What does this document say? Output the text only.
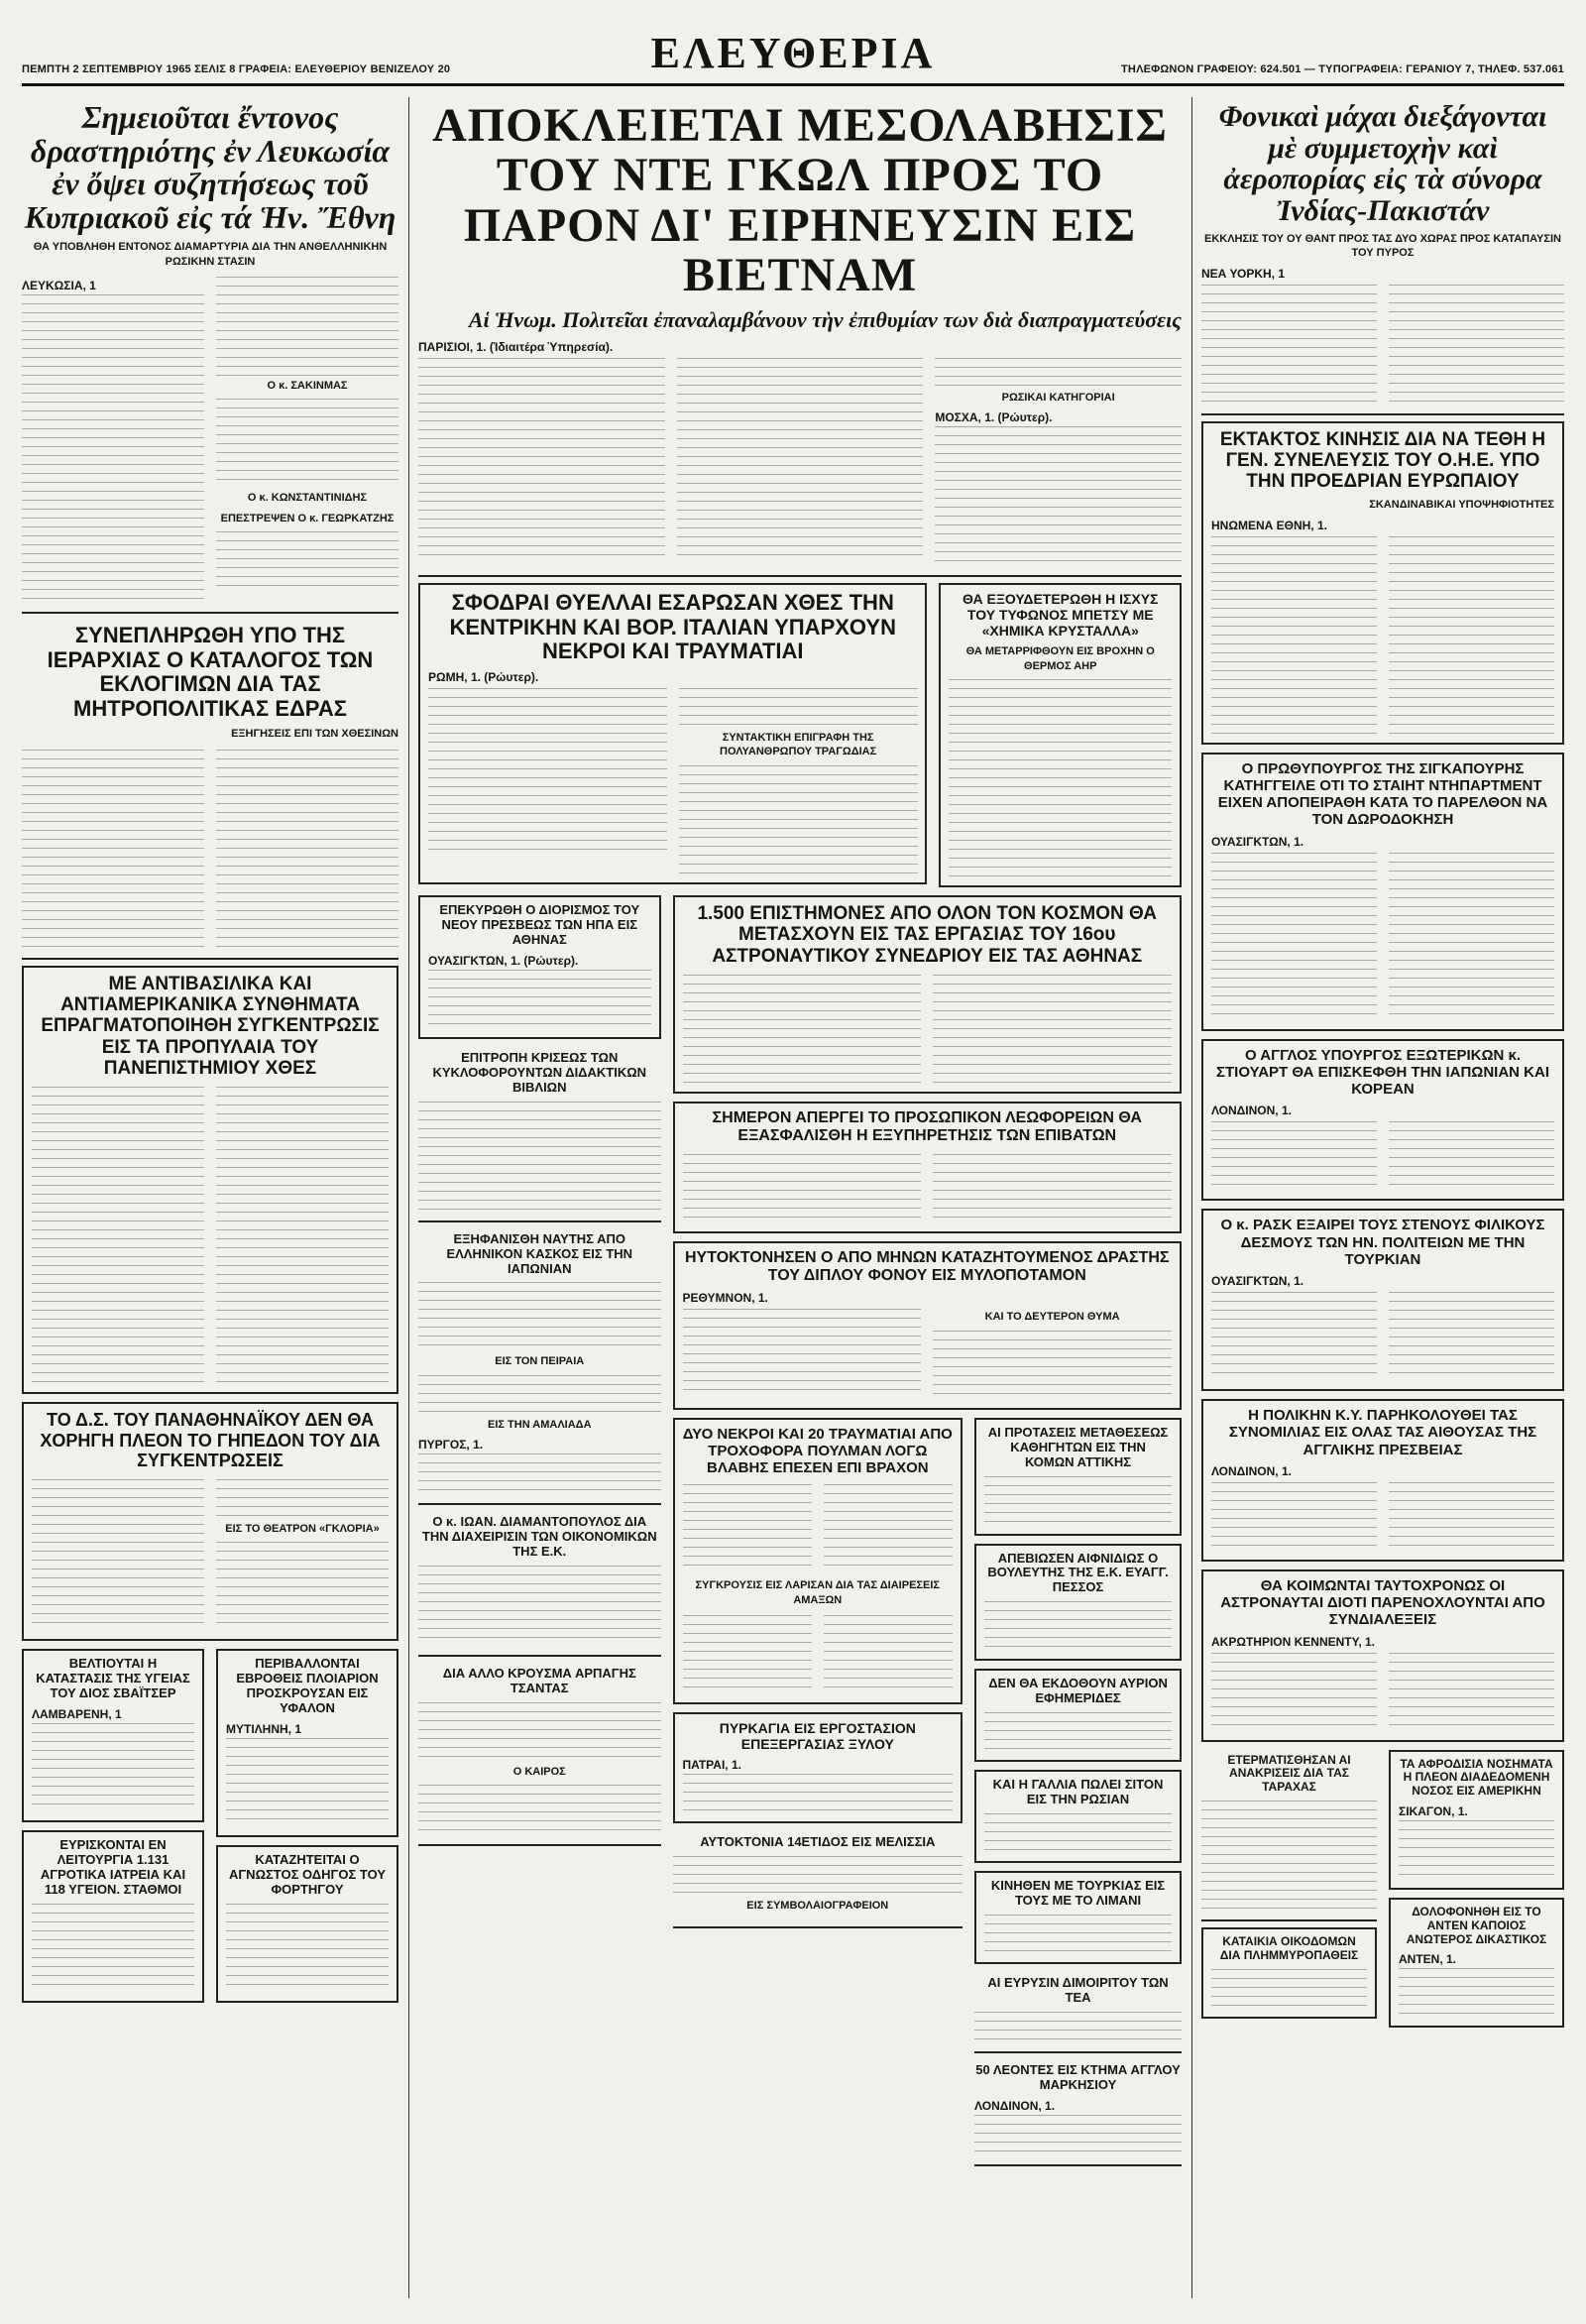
ΠΕΜΠΤΗ 2 ΣΕΠΤΕΜΒΡΙΟΥ 1965 ΣΕΛΙΣ 8 ΓΡΑΦΕΙΑ: ΕΛΕΥΘΕΡΙΟΥ ΒΕΝΙΖΕΛΟΥ 20	ΕΛΕΥΘΕΡΙΑ	ΤΗΛΕΦΩΝΟΝ ΓΡΑΦΕΙΟΥ: 624.501 — ΤΥΠΟΓΡΑΦΕΙΑ: ΓΕΡΑΝΙΟΥ 7, ΤΗΛΕΦ. 537.061
Σημειοῦται ἔντονος δραστηριότης ἐν Λευκωσία ἐν ὄψει συζητήσεως τοῦ Κυπριακοῦ εἰς τά Ἡν. Ἔθνη
ΘΑ ΥΠΟΒΛΗΘΗ ΕΝΤΟΝΟΣ ΔΙΑΜΑΡΤΥΡΙΑ ΔΙΑ ΤΗΝ ΑΝΘΕΛΛΗΝΙΚΗΝ ΡΩΣΙΚΗΝ ΣΤΑΣΙΝ
ΛΕΥΚΩΣΙΑ, 1
Ο κ. ΣΑΚΙΝΜΑΣ
Ο κ. ΚΩΝΣΤΑΝΤΙΝΙΔΗΣ
ΕΠΕΣΤΡΕΨΕΝ Ο κ. ΓΕΩΡΚΑΤΖΗΣ
ΣΥΝΕΠΛΗΡΩΘΗ ΥΠΟ ΤΗΣ ΙΕΡΑΡΧΙΑΣ Ο ΚΑΤΑΛΟΓΟΣ ΤΩΝ ΕΚΛΟΓΙΜΩΝ ΔΙΑ ΤΑΣ ΜΗΤΡΟΠΟΛΙΤΙΚΑΣ ΕΔΡΑΣ
ΕΞΗΓΗΣΕΙΣ ΕΠΙ ΤΩΝ ΧΘΕΣΙΝΩΝ
ΜΕ ΑΝΤΙΒΑΣΙΛΙΚΑ ΚΑΙ ΑΝΤΙΑΜΕΡΙΚΑΝΙΚΑ ΣΥΝΘΗΜΑΤΑ ΕΠΡΑΓΜΑΤΟΠΟΙΗΘΗ ΣΥΓΚΕΝΤΡΩΣΙΣ ΕΙΣ ΤΑ ΠΡΟΠΥΛΑΙΑ ΤΟΥ ΠΑΝΕΠΙΣΤΗΜΙΟΥ ΧΘΕΣ
ΤΟ Δ.Σ. ΤΟΥ ΠΑΝΑΘΗΝΑΪΚΟΥ ΔΕΝ ΘΑ ΧΟΡΗΓΗ ΠΛΕΟΝ ΤΟ ΓΗΠΕΔΟΝ ΤΟΥ ΔΙΑ ΣΥΓΚΕΝΤΡΩΣΕΙΣ
ΕΙΣ ΤΟ ΘΕΑΤΡΟΝ «ΓΚΛΟΡΙΑ»
ΒΕΛΤΙΟΥΤΑΙ Η ΚΑΤΑΣΤΑΣΙΣ ΤΗΣ ΥΓΕΙΑΣ ΤΟΥ ΔΙΟΣ ΣΒΑΪΤΣΕΡ
ΛΑΜΒΑΡΕΝΗ, 1
ΕΥΡΙΣΚΟΝΤΑΙ ΕΝ ΛΕΙΤΟΥΡΓΙΑ 1.131 ΑΓΡΟΤΙΚΑ ΙΑΤΡΕΙΑ ΚΑΙ 118 ΥΓΕΙΟΝ. ΣΤΑΘΜΟΙ
ΠΕΡΙΒΑΛΛΟΝΤΑΙ ΕΒΡΟΘΕΙΣ ΠΛΟΙΑΡΙΟΝ ΠΡΟΣΚΡΟΥΣΑΝ ΕΙΣ ΥΦΑΛΟΝ
ΜΥΤΙΛΗΝΗ, 1
ΚΑΤΑΖΗΤΕΙΤΑΙ Ο ΑΓΝΩΣΤΟΣ ΟΔΗΓΟΣ ΤΟΥ ΦΟΡΤΗΓΟΥ
ΑΠΟΚΛΕΙΕΤΑΙ ΜΕΣΟΛΑΒΗΣΙΣ ΤΟΥ ΝΤΕ ΓΚΩΛ ΠΡΟΣ ΤΟ ΠΑΡΟΝ ΔΙ' ΕΙΡΗΝΕΥΣΙΝ ΕΙΣ ΒΙΕΤΝΑΜ
Αἱ Ἡνωμ. Πολιτεῖαι ἐπαναλαμβάνουν τὴν ἐπιθυμίαν των διὰ διαπραγματεύσεις
ΠΑΡΙΣΙΟΙ, 1. (Ἰδιαιτέρα Ὑπηρεσία).
ΡΩΣΙΚΑΙ ΚΑΤΗΓΟΡΙΑΙ
ΜΟΣΧΑ, 1. (Ρώυτερ).
ΣΦΟΔΡΑΙ ΘΥΕΛΛΑΙ ΕΣΑΡΩΣΑΝ ΧΘΕΣ ΤΗΝ ΚΕΝΤΡΙΚΗΝ ΚΑΙ ΒΟΡ. ΙΤΑΛΙΑΝ ΥΠΑΡΧΟΥΝ ΝΕΚΡΟΙ ΚΑΙ ΤΡΑΥΜΑΤΙΑΙ
ΡΩΜΗ, 1. (Ρώυτερ).
ΣΥΝΤΑΚΤΙΚΗ ΕΠΙΓΡΑΦΗ ΤΗΣ ΠΟΛΥΑΝΘΡΩΠΟΥ ΤΡΑΓΩΔΙΑΣ
ΘΑ ΕΞΟΥΔΕΤΕΡΩΘΗ Η ΙΣΧΥΣ ΤΟΥ ΤΥΦΩΝΟΣ ΜΠΕΤΣΥ ΜΕ «ΧΗΜΙΚΑ ΚΡΥΣΤΑΛΛΑ»
ΘΑ ΜΕΤΑΡΡΙΦΘΟΥΝ ΕΙΣ ΒΡΟΧΗΝ Ο ΘΕΡΜΟΣ ΑΗΡ
ΕΠΕΚΥΡΩΘΗ Ο ΔΙΟΡΙΣΜΟΣ ΤΟΥ ΝΕΟΥ ΠΡΕΣΒΕΩΣ ΤΩΝ ΗΠΑ ΕΙΣ ΑΘΗΝΑΣ
ΟΥΑΣΙΓΚΤΩΝ, 1. (Ρώυτερ).
ΕΠΙΤΡΟΠΗ ΚΡΙΣΕΩΣ ΤΩΝ ΚΥΚΛΟΦΟΡΟΥΝΤΩΝ ΔΙΔΑΚΤΙΚΩΝ ΒΙΒΛΙΩΝ
ΕΞΗΦΑΝΙΣΘΗ ΝΑΥΤΗΣ ΑΠΟ ΕΛΛΗΝΙΚΟΝ ΚΑΣΚΟΣ ΕΙΣ ΤΗΝ ΙΑΠΩΝΙΑΝ
ΕΙΣ ΤΟΝ ΠΕΙΡΑΙΑ
ΕΙΣ ΤΗΝ ΑΜΑΛΙΑΔΑ
ΠΥΡΓΟΣ, 1.
Ο κ. ΙΩΑΝ. ΔΙΑΜΑΝΤΟΠΟΥΛΟΣ ΔΙΑ ΤΗΝ ΔΙΑΧΕΙΡΙΣΙΝ ΤΩΝ ΟΙΚΟΝΟΜΙΚΩΝ ΤΗΣ Ε.Κ.
ΔΙΑ ΑΛΛΟ ΚΡΟΥΣΜΑ ΑΡΠΑΓΗΣ ΤΣΑΝΤΑΣ
Ο ΚΑΙΡΟΣ
1.500 ΕΠΙΣΤΗΜΟΝΕΣ ΑΠΟ ΟΛΟΝ ΤΟΝ ΚΟΣΜΟΝ ΘΑ ΜΕΤΑΣΧΟΥΝ ΕΙΣ ΤΑΣ ΕΡΓΑΣΙΑΣ ΤΟΥ 16ου ΑΣΤΡΟΝΑΥΤΙΚΟΥ ΣΥΝΕΔΡΙΟΥ ΕΙΣ ΤΑΣ ΑΘΗΝΑΣ
ΣΗΜΕΡΟΝ ΑΠΕΡΓΕΙ ΤΟ ΠΡΟΣΩΠΙΚΟΝ ΛΕΩΦΟΡΕΙΩΝ ΘΑ ΕΞΑΣΦΑΛΙΣΘΗ Η ΕΞΥΠΗΡΕΤΗΣΙΣ ΤΩΝ ΕΠΙΒΑΤΩΝ
ΗΥΤΟΚΤΟΝΗΣΕΝ Ο ΑΠΟ ΜΗΝΩΝ ΚΑΤΑΖΗΤΟΥΜΕΝΟΣ ΔΡΑΣΤΗΣ ΤΟΥ ΔΙΠΛΟΥ ΦΟΝΟΥ ΕΙΣ ΜΥΛΟΠΟΤΑΜΟΝ
ΡΕΘΥΜΝΟΝ, 1.
ΚΑΙ ΤΟ ΔΕΥΤΕΡΟΝ ΘΥΜΑ
ΔΥΟ ΝΕΚΡΟΙ ΚΑΙ 20 ΤΡΑΥΜΑΤΙΑΙ ΑΠΟ ΤΡΟΧΟΦΟΡΑ ΠΟΥΛΜΑΝ ΛΟΓΩ ΒΛΑΒΗΣ ΕΠΕΣΕΝ ΕΠΙ ΒΡΑΧΟΝ
ΣΥΓΚΡΟΥΣΙΣ ΕΙΣ ΛΑΡΙΣΑΝ ΔΙΑ ΤΑΣ ΔΙΑΙΡΕΣΕΙΣ ΑΜΑΞΩΝ
ΠΥΡΚΑΓΙΑ ΕΙΣ ΕΡΓΟΣΤΑΣΙΟΝ ΕΠΕΞΕΡΓΑΣΙΑΣ ΞΥΛΟΥ
ΠΑΤΡΑΙ, 1.
ΑΥΤΟΚΤΟΝΙΑ 14ΕΤΙΔΟΣ ΕΙΣ ΜΕΛΙΣΣΙΑ
ΕΙΣ ΣΥΜΒΟΛΑΙΟΓΡΑΦΕΙΟΝ
ΑΙ ΠΡΟΤΑΣΕΙΣ ΜΕΤΑΘΕΣΕΩΣ ΚΑΘΗΓΗΤΩΝ ΕΙΣ ΤΗΝ ΚΟΜΩΝ ΑΤΤΙΚΗΣ
ΑΠΕΒΙΩΣΕΝ ΑΙΦΝΙΔΙΩΣ Ο ΒΟΥΛΕΥΤΗΣ ΤΗΣ Ε.Κ. ΕΥΑΓΓ. ΠΕΣΣΟΣ
ΔΕΝ ΘΑ ΕΚΔΟΘΟΥΝ ΑΥΡΙΟΝ ΕΦΗΜΕΡΙΔΕΣ
ΚΑΙ Η ΓΑΛΛΙΑ ΠΩΛΕΙ ΣΙΤΟΝ ΕΙΣ ΤΗΝ ΡΩΣΙΑΝ
ΚΙΝΗΘΕΝ ΜΕ ΤΟΥΡΚΙΑΣ ΕΙΣ ΤΟΥΣ ΜΕ ΤΟ ΛΙΜΑΝΙ
ΑΙ ΕΥΡΥΣΙΝ ΔΙΜΟΙΡΙΤΟΥ ΤΩΝ ΤΕΑ
50 ΛΕΟΝΤΕΣ ΕΙΣ ΚΤΗΜΑ ΑΓΓΛΟΥ ΜΑΡΚΗΣΙΟΥ
ΛΟΝΔΙΝΟΝ, 1.
Φονικαὶ μάχαι διεξάγονται μὲ συμμετοχὴν καὶ ἀεροπορίας εἰς τὰ σύνορα Ἰνδίας-Πακιστάν
ΕΚΚΛΗΣΙΣ ΤΟΥ ΟΥ ΘΑΝΤ ΠΡΟΣ ΤΑΣ ΔΥΟ ΧΩΡΑΣ ΠΡΟΣ ΚΑΤΑΠΑΥΣΙΝ ΤΟΥ ΠΥΡΟΣ
ΝΕΑ ΥΟΡΚΗ, 1
ΕΚΤΑΚΤΟΣ ΚΙΝΗΣΙΣ ΔΙΑ ΝΑ ΤΕΘΗ Η ΓΕΝ. ΣΥΝΕΛΕΥΣΙΣ ΤΟΥ Ο.Η.Ε. ΥΠΟ ΤΗΝ ΠΡΟΕΔΡΙΑΝ ΕΥΡΩΠΑΙΟΥ
ΣΚΑΝΔΙΝΑΒΙΚΑΙ ΥΠΟΨΗΦΙΟΤΗΤΕΣ
ΗΝΩΜΕΝΑ ΕΘΝΗ, 1.
Ο ΠΡΩΘΥΠΟΥΡΓΟΣ ΤΗΣ ΣΙΓΚΑΠΟΥΡΗΣ ΚΑΤΗΓΓΕΙΛΕ ΟΤΙ ΤΟ ΣΤΑΙΗΤ ΝΤΗΠΑΡΤΜΕΝΤ ΕΙΧΕΝ ΑΠΟΠΕΙΡΑΘΗ ΚΑΤΑ ΤΟ ΠΑΡΕΛΘΟΝ ΝΑ ΤΟΝ ΔΩΡΟΔΟΚΗΣΗ
ΟΥΑΣΙΓΚΤΩΝ, 1.
Ο ΑΓΓΛΟΣ ΥΠΟΥΡΓΟΣ ΕΞΩΤΕΡΙΚΩΝ κ. ΣΤΙΟΥΑΡΤ ΘΑ ΕΠΙΣΚΕΦΘΗ ΤΗΝ ΙΑΠΩΝΙΑΝ ΚΑΙ ΚΟΡΕΑΝ
ΛΟΝΔΙΝΟΝ, 1.
Ο κ. ΡΑΣΚ ΕΞΑΙΡΕΙ ΤΟΥΣ ΣΤΕΝΟΥΣ ΦΙΛΙΚΟΥΣ ΔΕΣΜΟΥΣ ΤΩΝ ΗΝ. ΠΟΛΙΤΕΙΩΝ ΜΕ ΤΗΝ ΤΟΥΡΚΙΑΝ
ΟΥΑΣΙΓΚΤΩΝ, 1.
Η ΠΟΛΙΚΗΝ Κ.Υ. ΠΑΡΗΚΟΛΟΥΘΕΙ ΤΑΣ ΣΥΝΟΜΙΛΙΑΣ ΕΙΣ ΟΛΑΣ ΤΑΣ ΑΙΘΟΥΣΑΣ ΤΗΣ ΑΓΓΛΙΚΗΣ ΠΡΕΣΒΕΙΑΣ
ΛΟΝΔΙΝΟΝ, 1.
ΘΑ ΚΟΙΜΩΝΤΑΙ ΤΑΥΤΟΧΡΟΝΩΣ ΟΙ ΑΣΤΡΟΝΑΥΤΑΙ ΔΙΟΤΙ ΠΑΡΕΝΟΧΛΟΥΝΤΑΙ ΑΠΟ ΣΥΝΔΙΑΛΕΞΕΙΣ
ΑΚΡΩΤΗΡΙΟΝ ΚΕΝΝΕΝΤΥ, 1.
ΕΤΕΡΜΑΤΙΣΘΗΣΑΝ ΑΙ ΑΝΑΚΡΙΣΕΙΣ ΔΙΑ ΤΑΣ ΤΑΡΑΧΑΣ
ΚΑΤΑΙΚΙΑ ΟΙΚΟΔΟΜΩΝ ΔΙΑ ΠΛΗΜΜΥΡΟΠΑΘΕΙΣ
ΤΑ ΑΦΡΟΔΙΣΙΑ ΝΟΣΗΜΑΤΑ Η ΠΛΕΟΝ ΔΙΑΔΕΔΟΜΕΝΗ ΝΟΣΟΣ ΕΙΣ ΑΜΕΡΙΚΗΝ
ΣΙΚΑΓΟΝ, 1.
ΔΟΛΟΦΟΝΗΘΗ ΕΙΣ ΤΟ ΑΝΤΕΝ ΚΑΠΟΙΟΣ ΑΝΩΤΕΡΟΣ ΔΙΚΑΣΤΙΚΟΣ
ΑΝΤΕΝ, 1.
